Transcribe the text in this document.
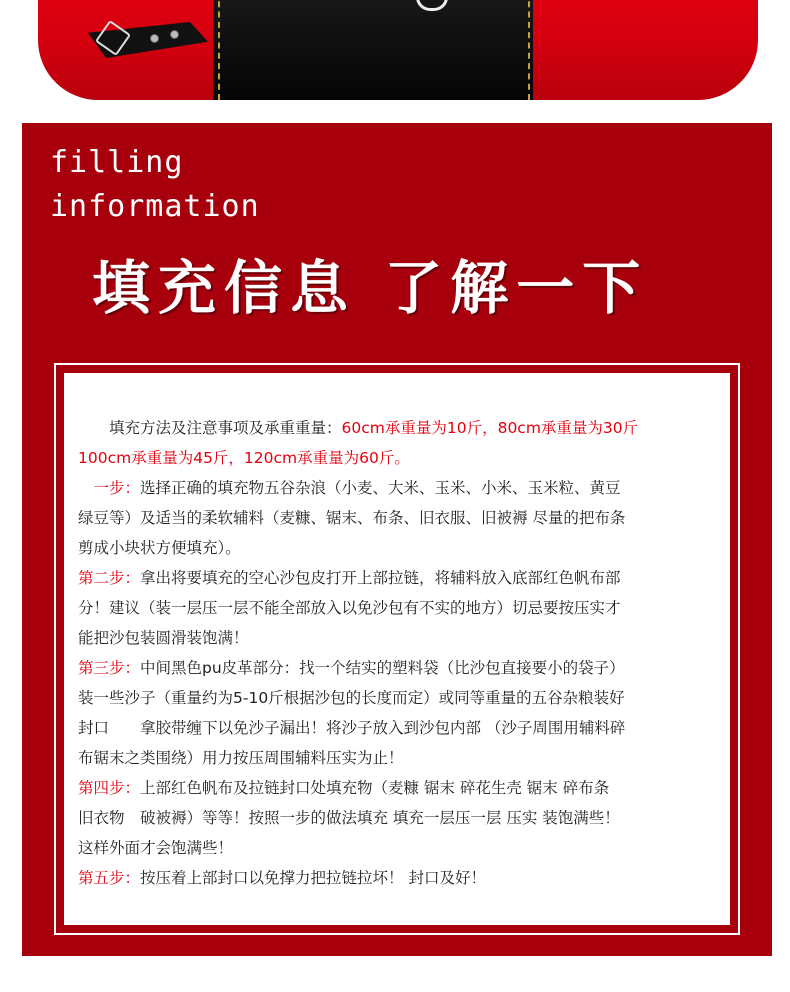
filling
information
填充信息 了解一下

填充方法及注意事项及承重重量：60cm承重量为10斤，80cm承重量为30斤

100cm承重量为45斤，120cm承重量为60斤。

一步：选择正确的填充物五谷杂浪（小麦、大米、玉米、小米、玉米粒、黄豆

绿豆等）及适当的柔软辅料（麦糠、锯末、布条、旧衣服、旧被褥 尽量的把布条

剪成小块状方便填充）。

第二步：拿出将要填充的空心沙包皮打开上部拉链，将辅料放入底部红色帆布部

分！建议（装一层压一层不能全部放入以免沙包有不实的地方）切忌要按压实才

能把沙包装圆滑装饱满！

第三步：中间黑色pu皮革部分：找一个结实的塑料袋（比沙包直接要小的袋子）

装一些沙子（重量约为5-10斤根据沙包的长度而定）或同等重量的五谷杂粮装好

封口　　拿胶带缠下以免沙子漏出！将沙子放入到沙包内部 （沙子周围用辅料碎

布锯末之类围绕）用力按压周围辅料压实为止！

第四步：上部红色帆布及拉链封口处填充物（麦糠 锯末 碎花生壳 锯末 碎布条

旧衣物　破被褥）等等！按照一步的做法填充 填充一层压一层 压实 装饱满些！

这样外面才会饱满些！

第五步：按压着上部封口以免撑力把拉链拉坏！ 封口及好！
